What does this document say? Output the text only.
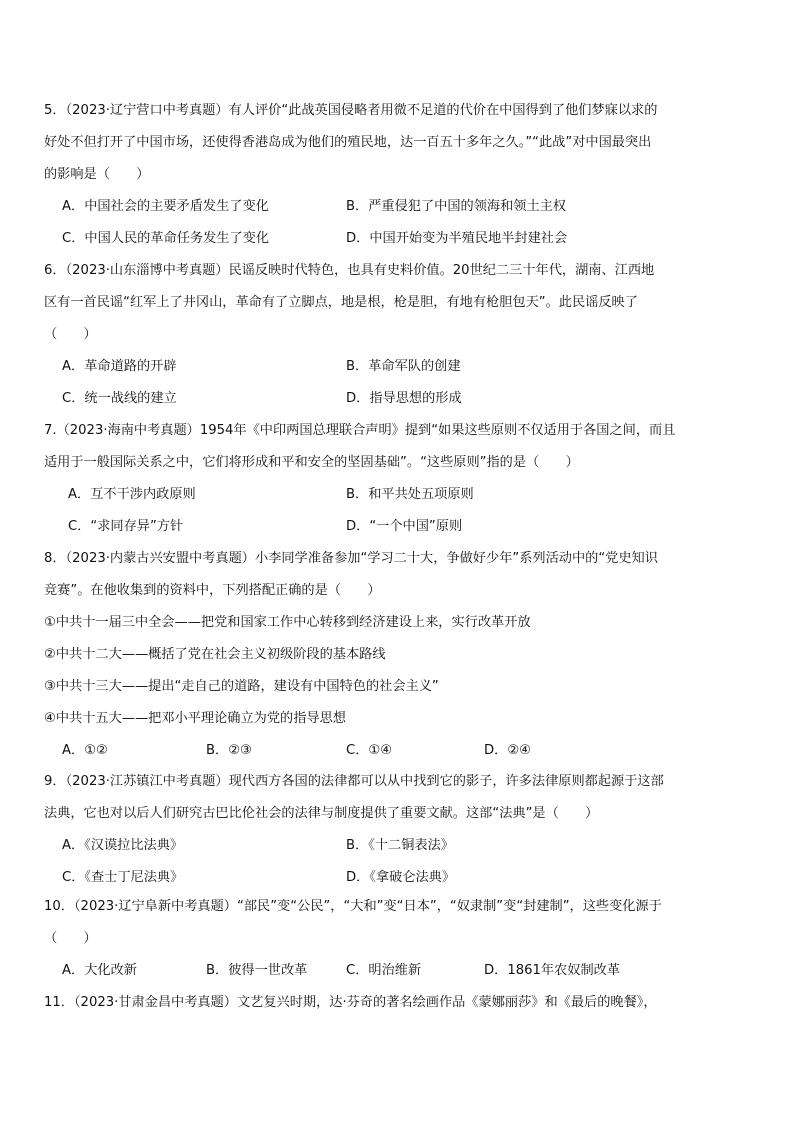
5．（2023·辽宁营口中考真题）有人评价“此战英国侵略者用微不足道的代价在中国得到了他们梦寐以求的
好处不但打开了中国市场，还使得香港岛成为他们的殖民地，达一百五十多年之久。”“此战”对中国最突出
的影响是（　　）
A．中国社会的主要矛盾发生了变化	B．严重侵犯了中国的领海和领土主权
C．中国人民的革命任务发生了变化	D．中国开始变为半殖民地半封建社会
6．（2023·山东淄博中考真题）民谣反映时代特色，也具有史料价值。20世纪二三十年代，湖南、江西地
区有一首民谣“红军上了井冈山，革命有了立脚点，地是根，枪是胆，有地有枪胆包天”。此民谣反映了
（　　）
A．革命道路的开辟	B．革命军队的创建
C．统一战线的建立	D．指导思想的形成
7.（2023·海南中考真题）1954年《中印两国总理联合声明》提到“如果这些原则不仅适用于各国之间，而且
适用于一般国际关系之中，它们将形成和平和安全的坚固基础”。“这些原则”指的是（　　）
A．互不干涉内政原则	B．和平共处五项原则
C．“求同存异”方针	D．“一个中国”原则
8．（2023·内蒙古兴安盟中考真题）小李同学准备参加“学习二十大，争做好少年”系列活动中的“党史知识
竞赛”。在他收集到的资料中，下列搭配正确的是（　　）
①中共十一届三中全会——把党和国家工作中心转移到经济建设上来，实行改革开放
②中共十二大——概括了党在社会主义初级阶段的基本路线
③中共十三大——提出“走自己的道路，建设有中国特色的社会主义”
④中共十五大——把邓小平理论确立为党的指导思想
A．①②	B．②③	C．①④	D．②④
9．（2023·江苏镇江中考真题）现代西方各国的法律都可以从中找到它的影子，许多法律原则都起源于这部
法典，它也对以后人们研究古巴比伦社会的法律与制度提供了重要文献。这部“法典”是（　　）
A．《汉谟拉比法典》	B．《十二铜表法》
C．《查士丁尼法典》	D．《拿破仑法典》
10．（2023·辽宁阜新中考真题）“部民”变“公民”，“大和”变“日本”，“奴隶制”变“封建制”，这些变化源于
（　　）
A．大化改新	B．彼得一世改革	C．明治维新	D．1861年农奴制改革
11．（2023·甘肃金昌中考真题）文艺复兴时期，达·芬奇的著名绘画作品《蒙娜丽莎》和《最后的晚餐》，
